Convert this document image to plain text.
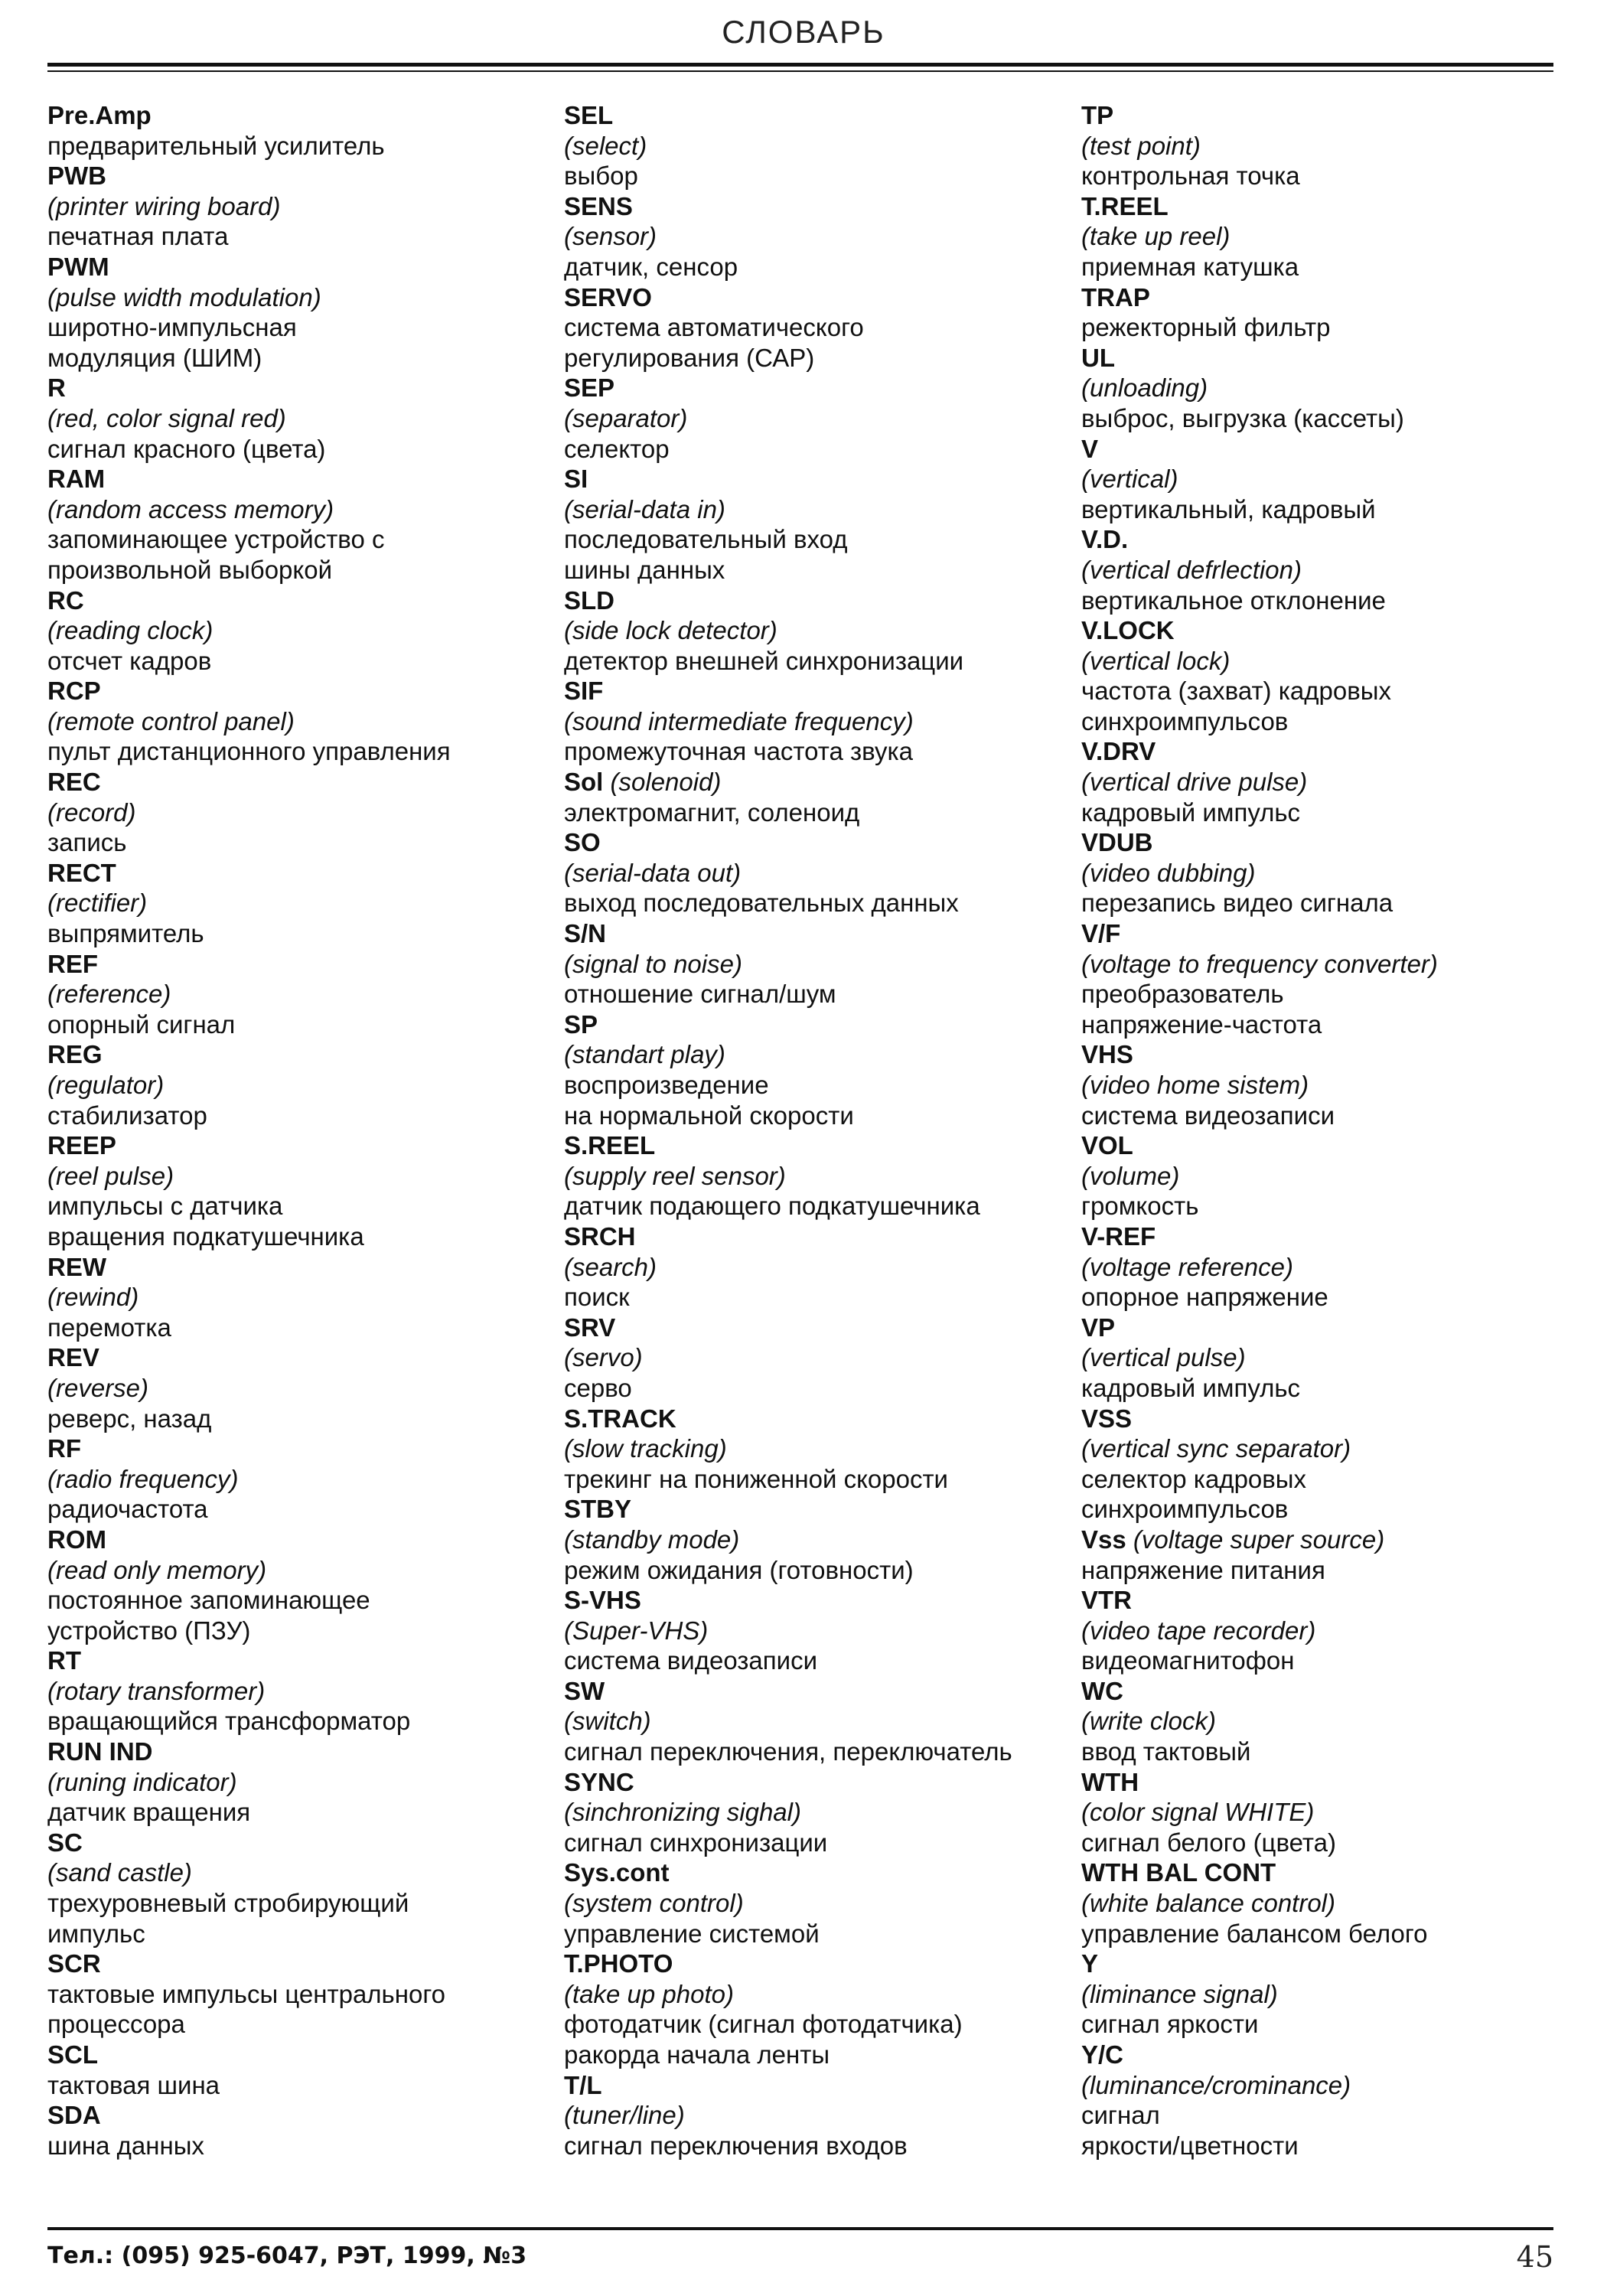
СЛОВАРЬ
Pre.Amp
предварительный усилитель
PWB
(printer wiring board)
печатная плата
PWM
(pulse width modulation)
широтно-импульсная
модуляция (ШИМ)
R
(red, color signal red)
сигнал красного (цвета)
RAM
(random access memory)
запоминающее устройство с
произвольной выборкой
RC
(reading clock)
отсчет кадров
RCP
(remote control panel)
пульт дистанционного управления
REC
(record)
запись
RECT
(rectifier)
выпрямитель
REF
(reference)
опорный сигнал
REG
(regulator)
стабилизатор
REEP
(reel pulse)
импульсы с датчика
вращения подкатушечника
REW
(rewind)
перемотка
REV
(reverse)
реверс, назад
RF
(radio frequency)
радиочастота
ROM
(read only memory)
постоянное запоминающее
устройство (ПЗУ)
RT
(rotary transformer)
вращающийся трансформатор
RUN IND
(runing indicator)
датчик вращения
SC
(sand castle)
трехуровневый стробирующий
импульс
SCR
тактовые импульсы центрального
процессора
SCL
тактовая шина
SDA
шина данных
SEL
(select)
выбор
SENS
(sensor)
датчик, сенсор
SERVO
система автоматического
регулирования (САР)
SEP
(separator)
селектор
SI
(serial-data in)
последовательный вход
шины данных
SLD
(side lock detector)
детектор внешней синхронизации
SIF
(sound intermediate frequency)
промежуточная частота звука
Sol (solenoid)
электромагнит, соленоид
SO
(serial-data out)
выход последовательных данных
S/N
(signal to noise)
отношение сигнал/шум
SP
(standart play)
воспроизведение
на нормальной скорости
S.REEL
(supply reel sensor)
датчик подающего подкатушечника
SRCH
(search)
поиск
SRV
(servo)
серво
S.TRACK
(slow tracking)
трекинг на пониженной скорости
STBY
(standby mode)
режим ожидания (готовности)
S-VHS
(Super-VHS)
система видеозаписи
SW
(switch)
сигнал переключения, переключатель
SYNC
(sinchronizing sighal)
сигнал синхронизации
Sys.cont
(system control)
управление системой
T.PHOTO
(take up photo)
фотодатчик (сигнал фотодатчика)
ракорда начала ленты
T/L
(tuner/line)
сигнал переключения входов
TP
(test point)
контрольная точка
T.REEL
(take up reel)
приемная катушка
TRAP
режекторный фильтр
UL
(unloading)
выброс, выгрузка (кассеты)
V
(vertical)
вертикальный, кадровый
V.D.
(vertical defrlection)
вертикальное отклонение
V.LOCK
(vertical lock)
частота (захват) кадровых
синхроимпульсов
V.DRV
(vertical drive pulse)
кадровый импульс
VDUB
(video dubbing)
перезапись видео сигнала
V/F
(voltage to frequency converter)
преобразователь
напряжение-частота
VHS
(video home sistem)
система видеозаписи
VOL
(volume)
громкость
V-REF
(voltage reference)
опорное напряжение
VP
(vertical pulse)
кадровый импульс
VSS
(vertical sync separator)
селектор кадровых
синхроимпульсов
Vss (voltage super source)
напряжение питания
VTR
(video tape recorder)
видеомагнитофон
WC
(write clock)
ввод тактовый
WTH
(color signal WHITE)
сигнал белого (цвета)
WTH BAL CONT
(white balance control)
управление балансом белого
Y
(liminance signal)
сигнал яркости
Y/C
(luminance/crominance)
сигнал
яркости/цветности
Тел.: (095) 925-6047, РЭТ, 1999, №3	45
